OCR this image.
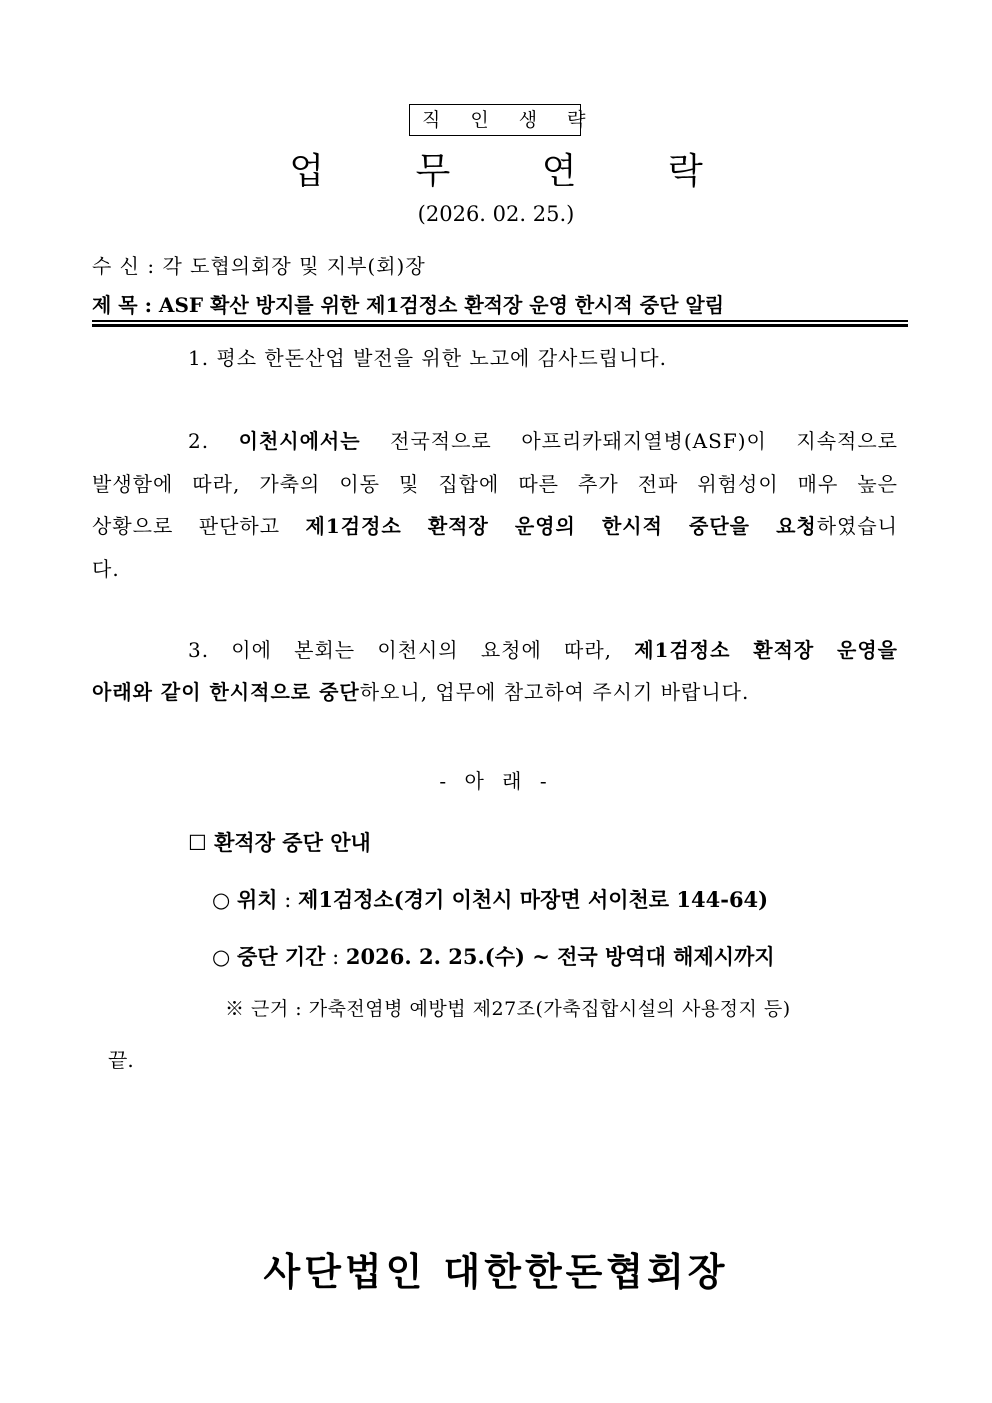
직 인 생 략
업 무 연 락
(2026. 02. 25.)
수 신 : 각 도협의회장 및 지부(회)장
제 목 : ASF 확산 방지를 위한 제1검정소 환적장 운영 한시적 중단 알림
1. 평소 한돈산업 발전을 위한 노고에 감사드립니다.
2. 이천시에서는 전국적으로 아프리카돼지열병(ASF)이 지속적으로
발생함에 따라, 가축의 이동 및 집합에 따른 추가 전파 위험성이 매우 높은
상황으로 판단하고 제1검정소 환적장 운영의 한시적 중단을 요청하였습니
다.
3. 이에 본회는 이천시의 요청에 따라, 제1검정소 환적장 운영을
아래와 같이 한시적으로 중단하오니, 업무에 참고하여 주시기 바랍니다.
- 아 래 -
☐ 환적장 중단 안내
○ 위치 : 제1검정소(경기 이천시 마장면 서이천로 144-64)
○ 중단 기간 : 2026. 2. 25.(수) ~ 전국 방역대 해제시까지
※ 근거 : 가축전염병 예방법 제27조(가축집합시설의 사용정지 등)
끝.
사단법인 대한한돈협회장
